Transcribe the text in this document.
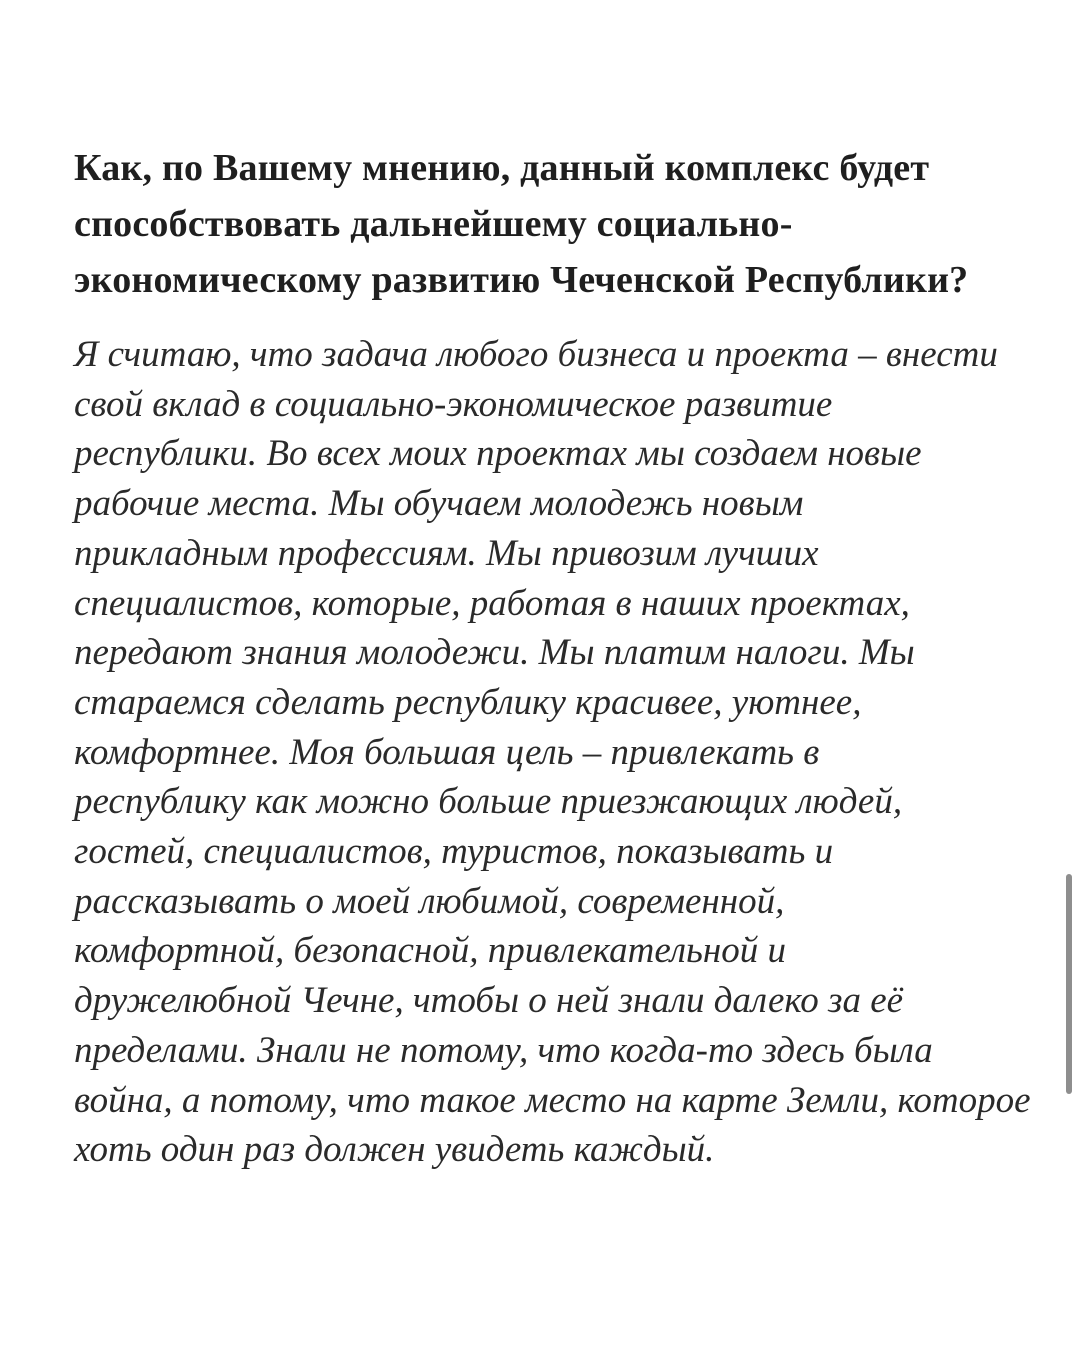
Как, по Вашему мнению, данный комплекс будет
способствовать дальнейшему социально-
экономическому развитию Чеченской Республики?

Я считаю, что задача любого бизнеса и проекта – внести
свой вклад в социально-экономическое развитие
республики. Во всех моих проектах мы создаем новые
рабочие места. Мы обучаем молодежь новым
прикладным профессиям. Мы привозим лучших
специалистов, которые, работая в наших проектах,
передают знания молодежи. Мы платим налоги. Мы
стараемся сделать республику красивее, уютнее,
комфортнее. Моя большая цель – привлекать в
республику как можно больше приезжающих людей,
гостей, специалистов, туристов, показывать и
рассказывать о моей любимой, современной,
комфортной, безопасной, привлекательной и
дружелюбной Чечне, чтобы о ней знали далеко за её
пределами. Знали не потому, что когда-то здесь была
война, а потому, что такое место на карте Земли, которое
хоть один раз должен увидеть каждый.
